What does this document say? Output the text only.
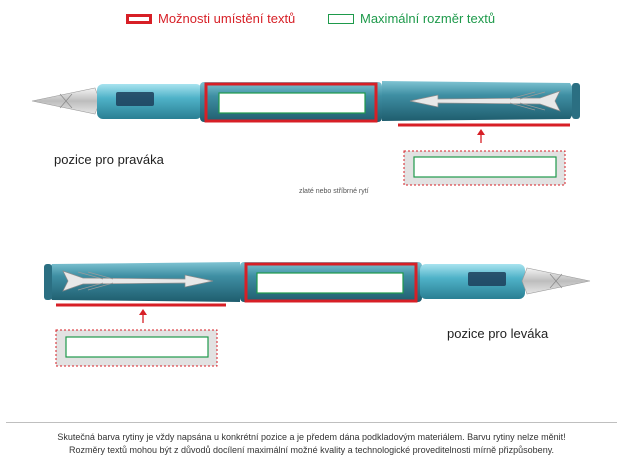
Možnosti umístění textů	Maximální rozměr textů
pozice pro praváka
zlaté nebo stříbrné rytí
pozice pro leváka
Skutečná barva rytiny je vždy napsána u konkrétní pozice a je předem dána podkladovým materiálem. Barvu rytiny nelze měnit!
Rozměry textů mohou být z důvodů docílení maximální možné kvality a technologické proveditelnosti mírně přizpůsobeny.
